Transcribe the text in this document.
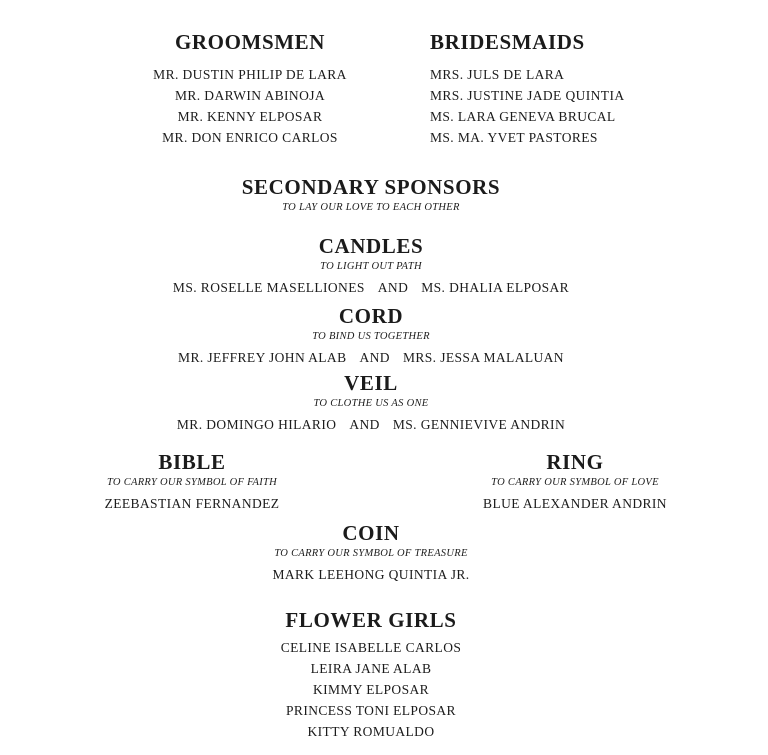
GROOMSMEN
MR. DUSTIN PHILIP DE LARA
MR. DARWIN ABINOJA
MR. KENNY ELPOSAR
MR. DON ENRICO CARLOS
BRIDESMAIDS
MRS. JULS DE LARA
MRS. JUSTINE JADE QUINTIA
MS. LARA GENEVA BRUCAL
MS. MA. YVET PASTORES
SECONDARY SPONSORS
TO LAY OUR LOVE TO EACH OTHER
CANDLES
TO LIGHT OUT PATH
MS. ROSELLE MASELLIONES AND MS. DHALIA ELPOSAR
CORD
TO BIND US TOGETHER
MR. JEFFREY JOHN ALAB AND MRS. JESSA MALALUAN
VEIL
TO CLOTHE US AS ONE
MR. DOMINGO HILARIO AND MS. GENNIEVIVE ANDRIN
BIBLE
TO CARRY OUR SYMBOL OF FAITH
ZEEBASTIAN FERNANDEZ
RING
TO CARRY OUR SYMBOL OF LOVE
BLUE ALEXANDER ANDRIN
COIN
TO CARRY OUR SYMBOL OF TREASURE
MARK LEEHONG QUINTIA JR.
FLOWER GIRLS
CELINE ISABELLE CARLOS
LEIRA JANE ALAB
KIMMY ELPOSAR
PRINCESS TONI ELPOSAR
KITTY ROMUALDO
